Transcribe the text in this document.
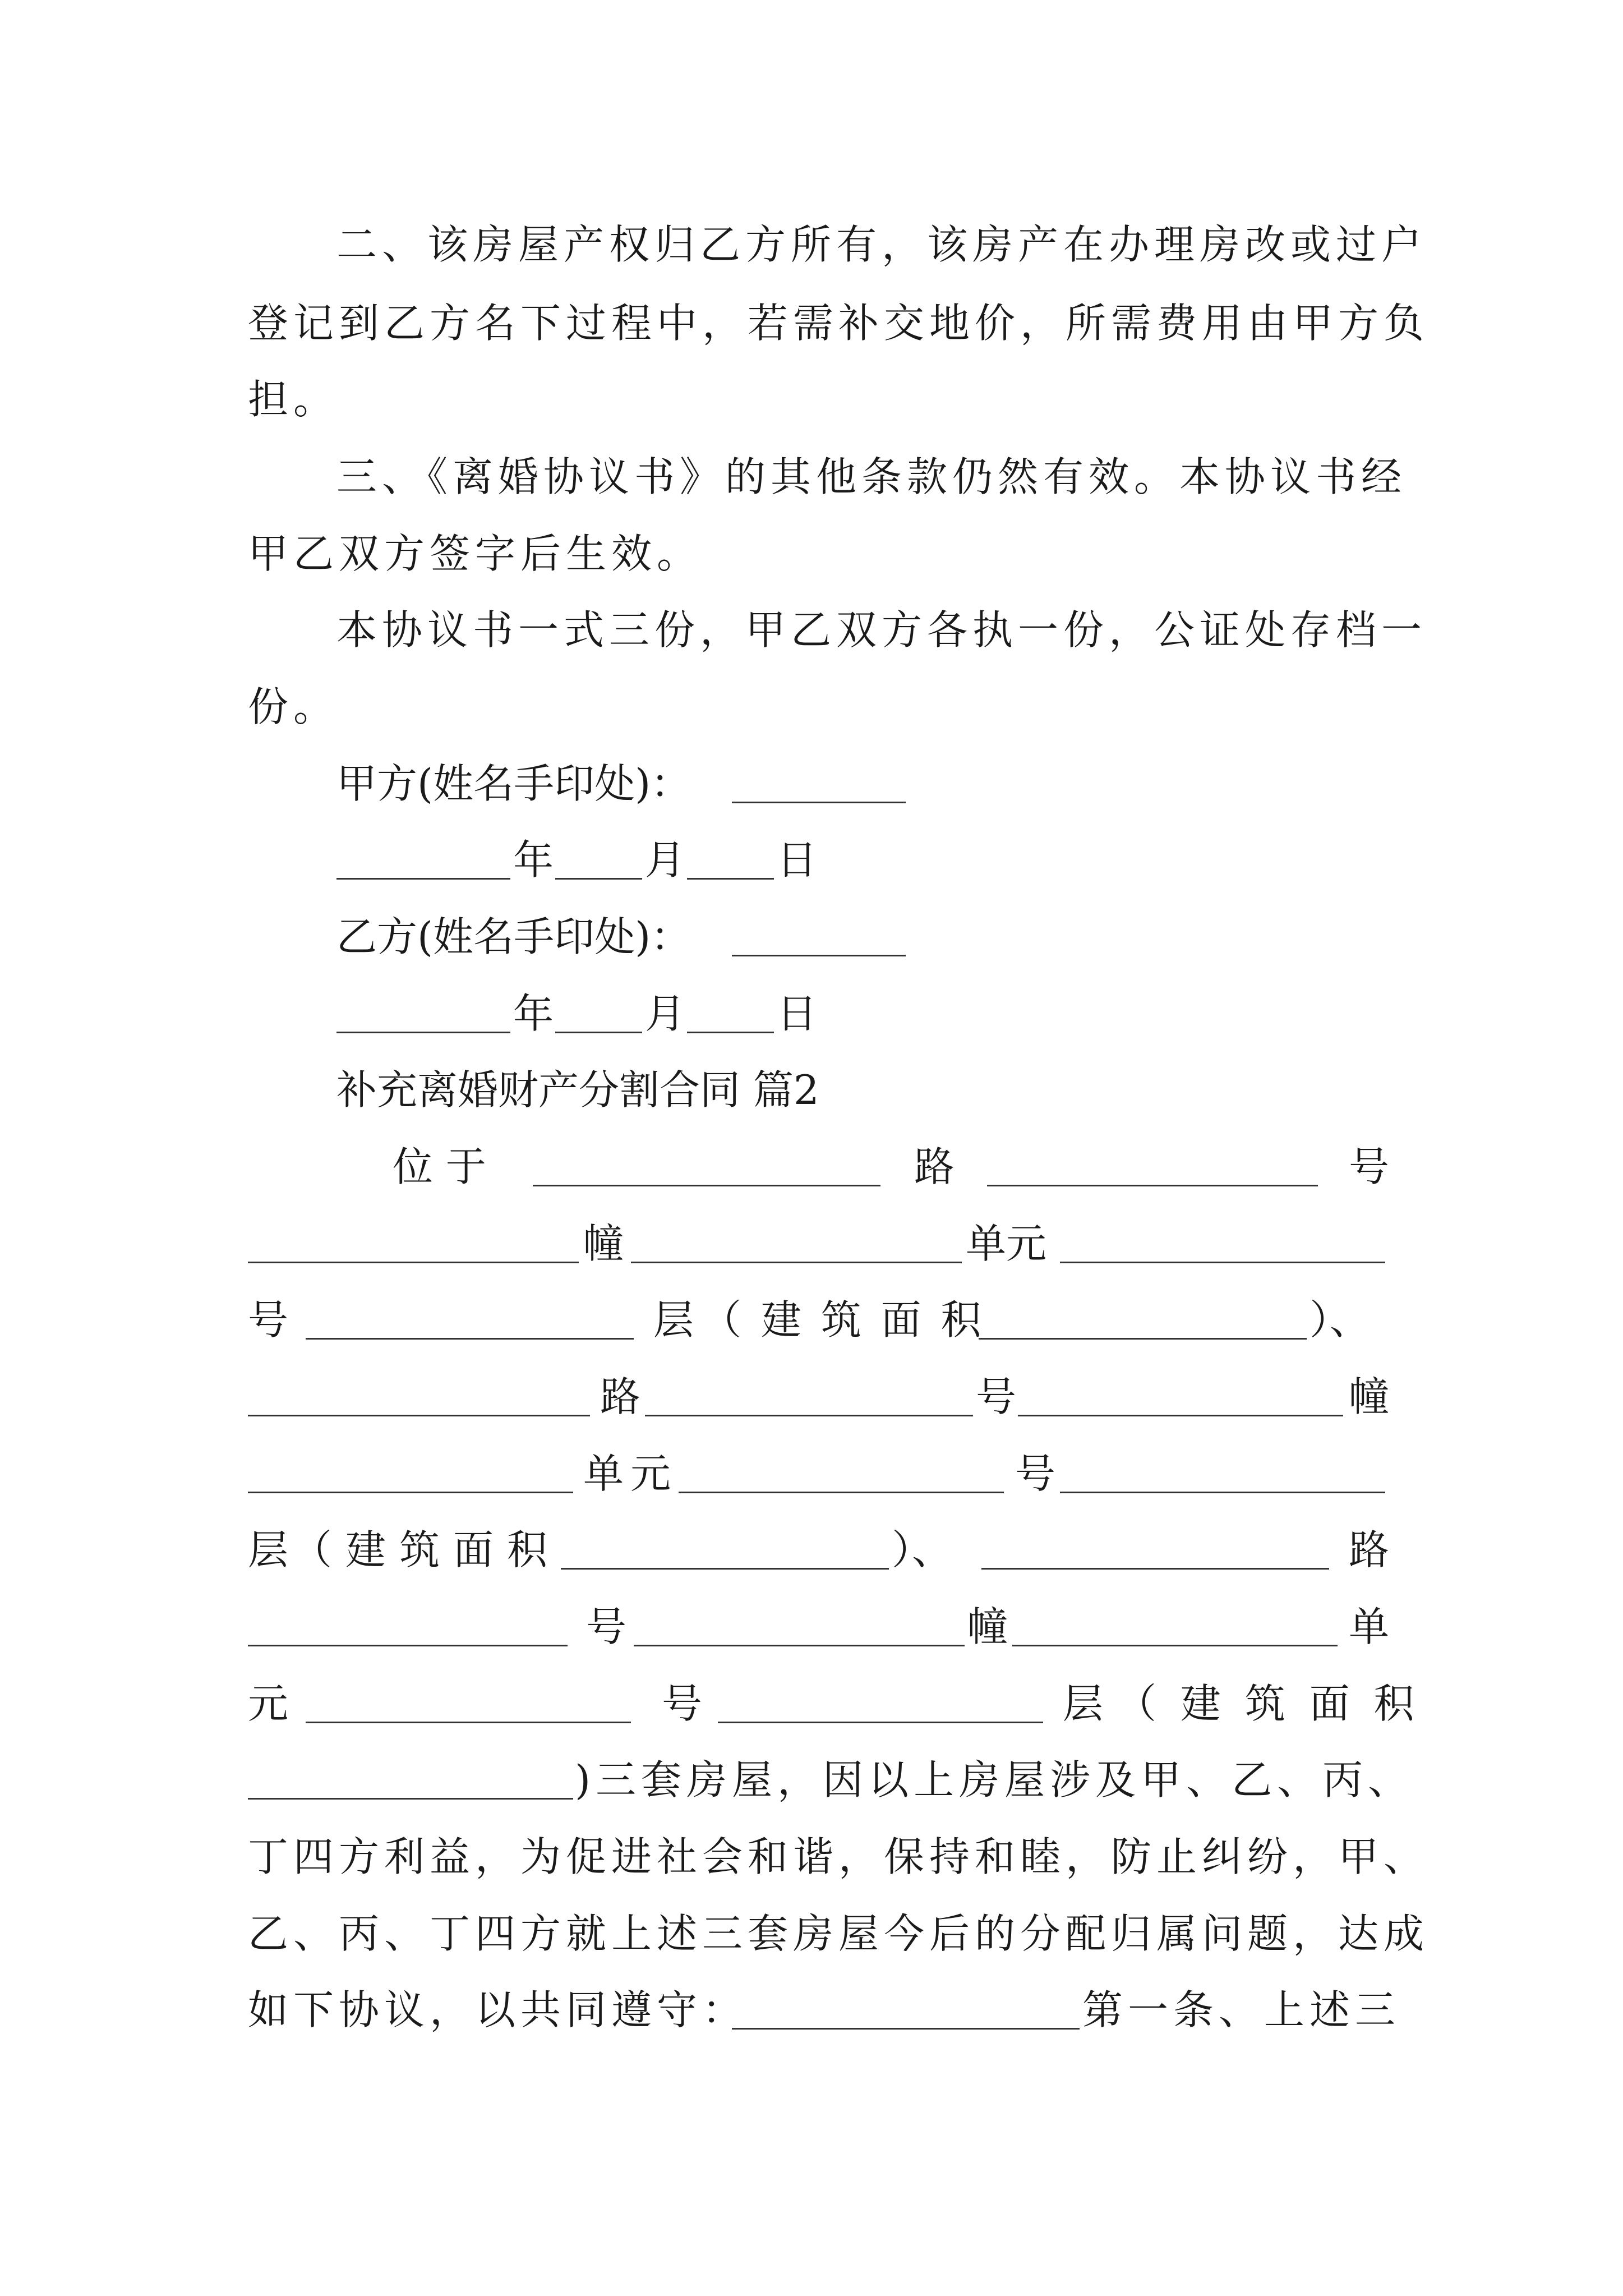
二、该房屋产权归乙方所有，该房产在办理房改或过户
登记到乙方名下过程中，若需补交地价，所需费用由甲方负
担。
三、《离婚协议书》的其他条款仍然有效。本协议书经
甲乙双方签字后生效。
本协议书一式三份，甲乙双方各执一份，公证处存档一
份。
甲方(姓名手印处)：
年 月 日
乙方(姓名手印处)：
年 月 日
补充离婚财产分割合同 篇2
位 于	路	号
幢	单元
号	层 （ 建 筑 面 积	）、
路	号	幢
单元	号
层 （建筑面积	）、	路
号	幢	单
元	号	层 （ 建 筑 面 积
)三套房屋，因以上房屋涉及甲、乙、丙、
丁四方利益，为促进社会和谐，保持和睦，防止纠纷，甲、
乙、丙、丁四方就上述三套房屋今后的分配归属问题，达成
如下协议，以共同遵守：	第一条、上述三
